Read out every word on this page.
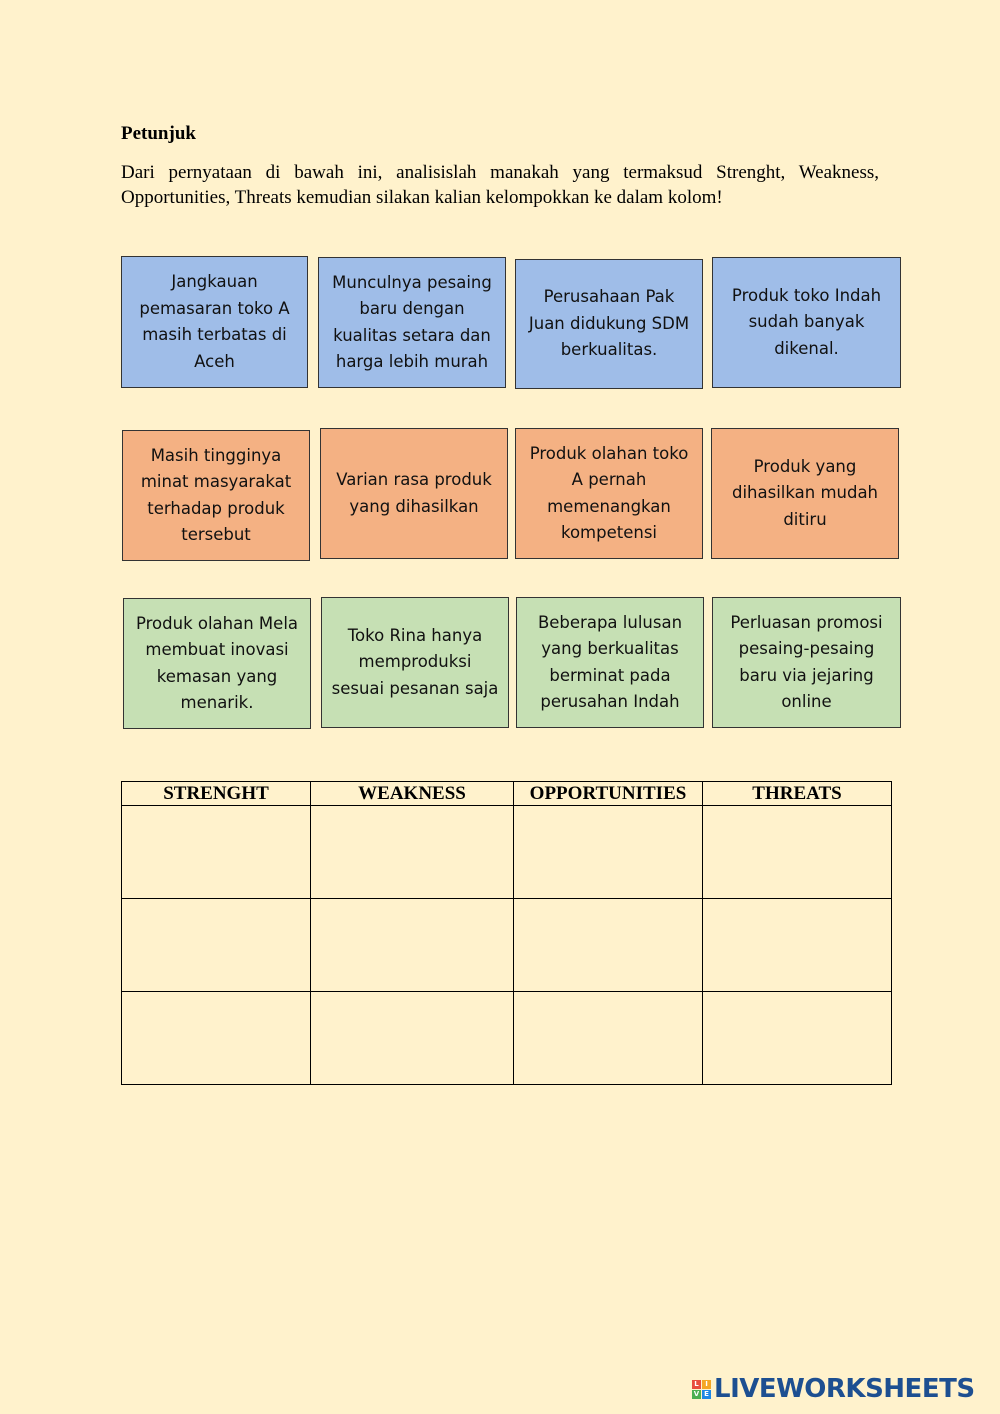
Petunjuk
Dari pernyataan di bawah ini, analisislah manakah yang termaksud Strenght, Weakness, Opportunities, Threats kemudian silakan kalian kelompokkan ke dalam kolom!
Jangkauan pemasaran toko A masih terbatas di Aceh
Munculnya pesaing baru dengan kualitas setara dan harga lebih murah
Perusahaan Pak Juan didukung SDM berkualitas.
Produk toko Indah sudah banyak dikenal.
Masih tingginya minat masyarakat terhadap produk tersebut
Varian rasa produk yang dihasilkan
Produk olahan toko A pernah memenangkan kompetensi
Produk yang dihasilkan mudah ditiru
Produk olahan Mela membuat inovasi kemasan yang menarik.
Toko Rina hanya memproduksi sesuai pesanan saja
Beberapa lulusan yang berkualitas berminat pada perusahan Indah
Perluasan promosi pesaing-pesaing baru via jejaring online
STRENGHT	WEAKNESS	OPPORTUNITIES	THREATS

L I
V E LIVEWORKSHEETS
